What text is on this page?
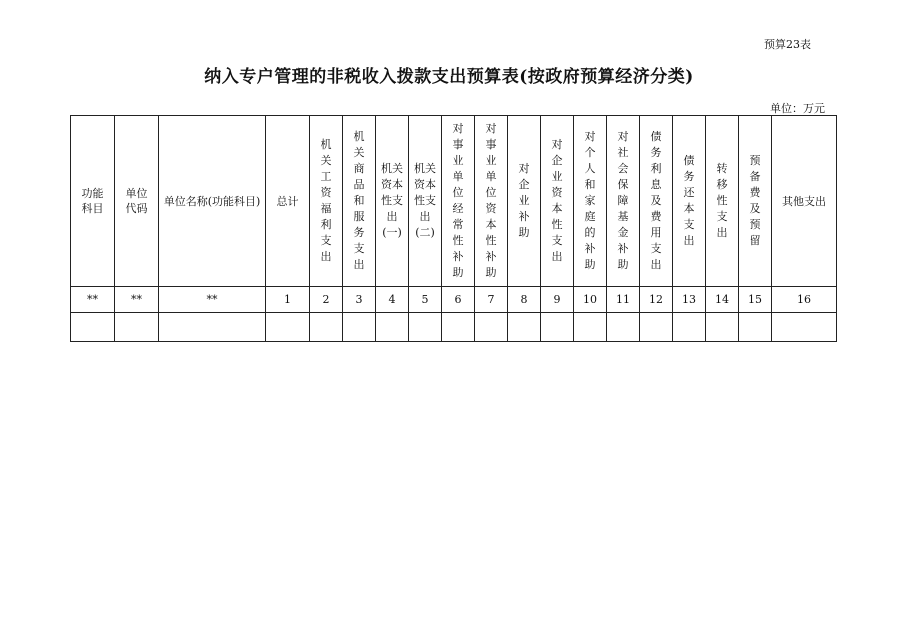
预算23表
纳入专户管理的非税收入拨款支出预算表(按政府预算经济分类)
单位：万元
功能科目	单位代码	单位名称(功能科目)	总计	机关工资福利支出	机关商品和服务支出	机关资本性支出(一)	机关资本性支出(二)	对事业单位经常性补助	对事业单位资本性补助	对企业补助	对企业资本性支出	对个人和家庭的补助	对社会保障基金补助	债务利息及费用支出	债务还本支出	转移性支出	预备费及预留	其他支出
**	**	**	1	2	3	4	5	6	7	8	9	10	11	12	13	14	15	16
